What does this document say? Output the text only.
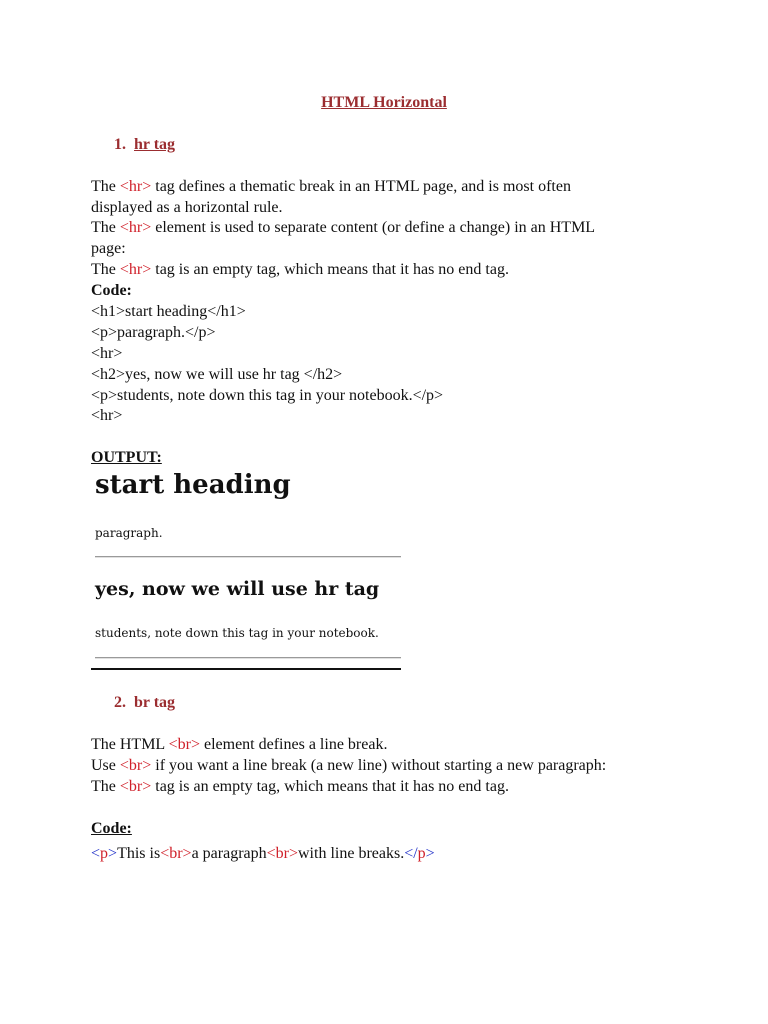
HTML Horizontal
1. hr tag
The <hr> tag defines a thematic break in an HTML page, and is most often
displayed as a horizontal rule.
The <hr> element is used to separate content (or define a change) in an HTML
page:
The <hr> tag is an empty tag, which means that it has no end tag.
Code:
<h1>start heading</h1>
<p>paragraph.</p>
<hr>
<h2>yes, now we will use hr tag </h2>
<p>students, note down this tag in your notebook.</p>
<hr>
OUTPUT:
start heading
paragraph.
yes, now we will use hr tag
students, note down this tag in your notebook.
2. br tag
The HTML <br> element defines a line break.
Use <br> if you want a line break (a new line) without starting a new paragraph:
The <br> tag is an empty tag, which means that it has no end tag.
Code:
<p>This is<br>a paragraph<br>with line breaks.</p>
